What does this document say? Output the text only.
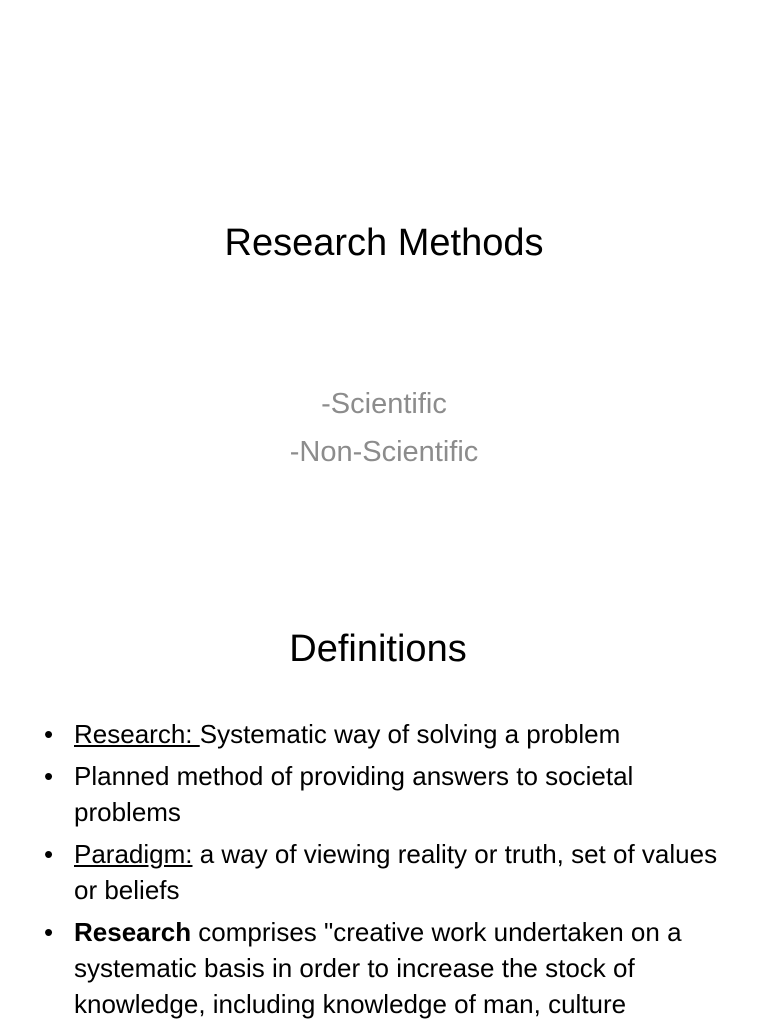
Research Methods
-Scientific
-Non-Scientific
Definitions
• Research: Systematic way of solving a problem
• Planned method of providing answers to societal problems
• Paradigm: a way of viewing reality or truth, set of values or beliefs
• Research comprises "creative work undertaken on a systematic basis in order to increase the stock of knowledge, including knowledge of man, culture
